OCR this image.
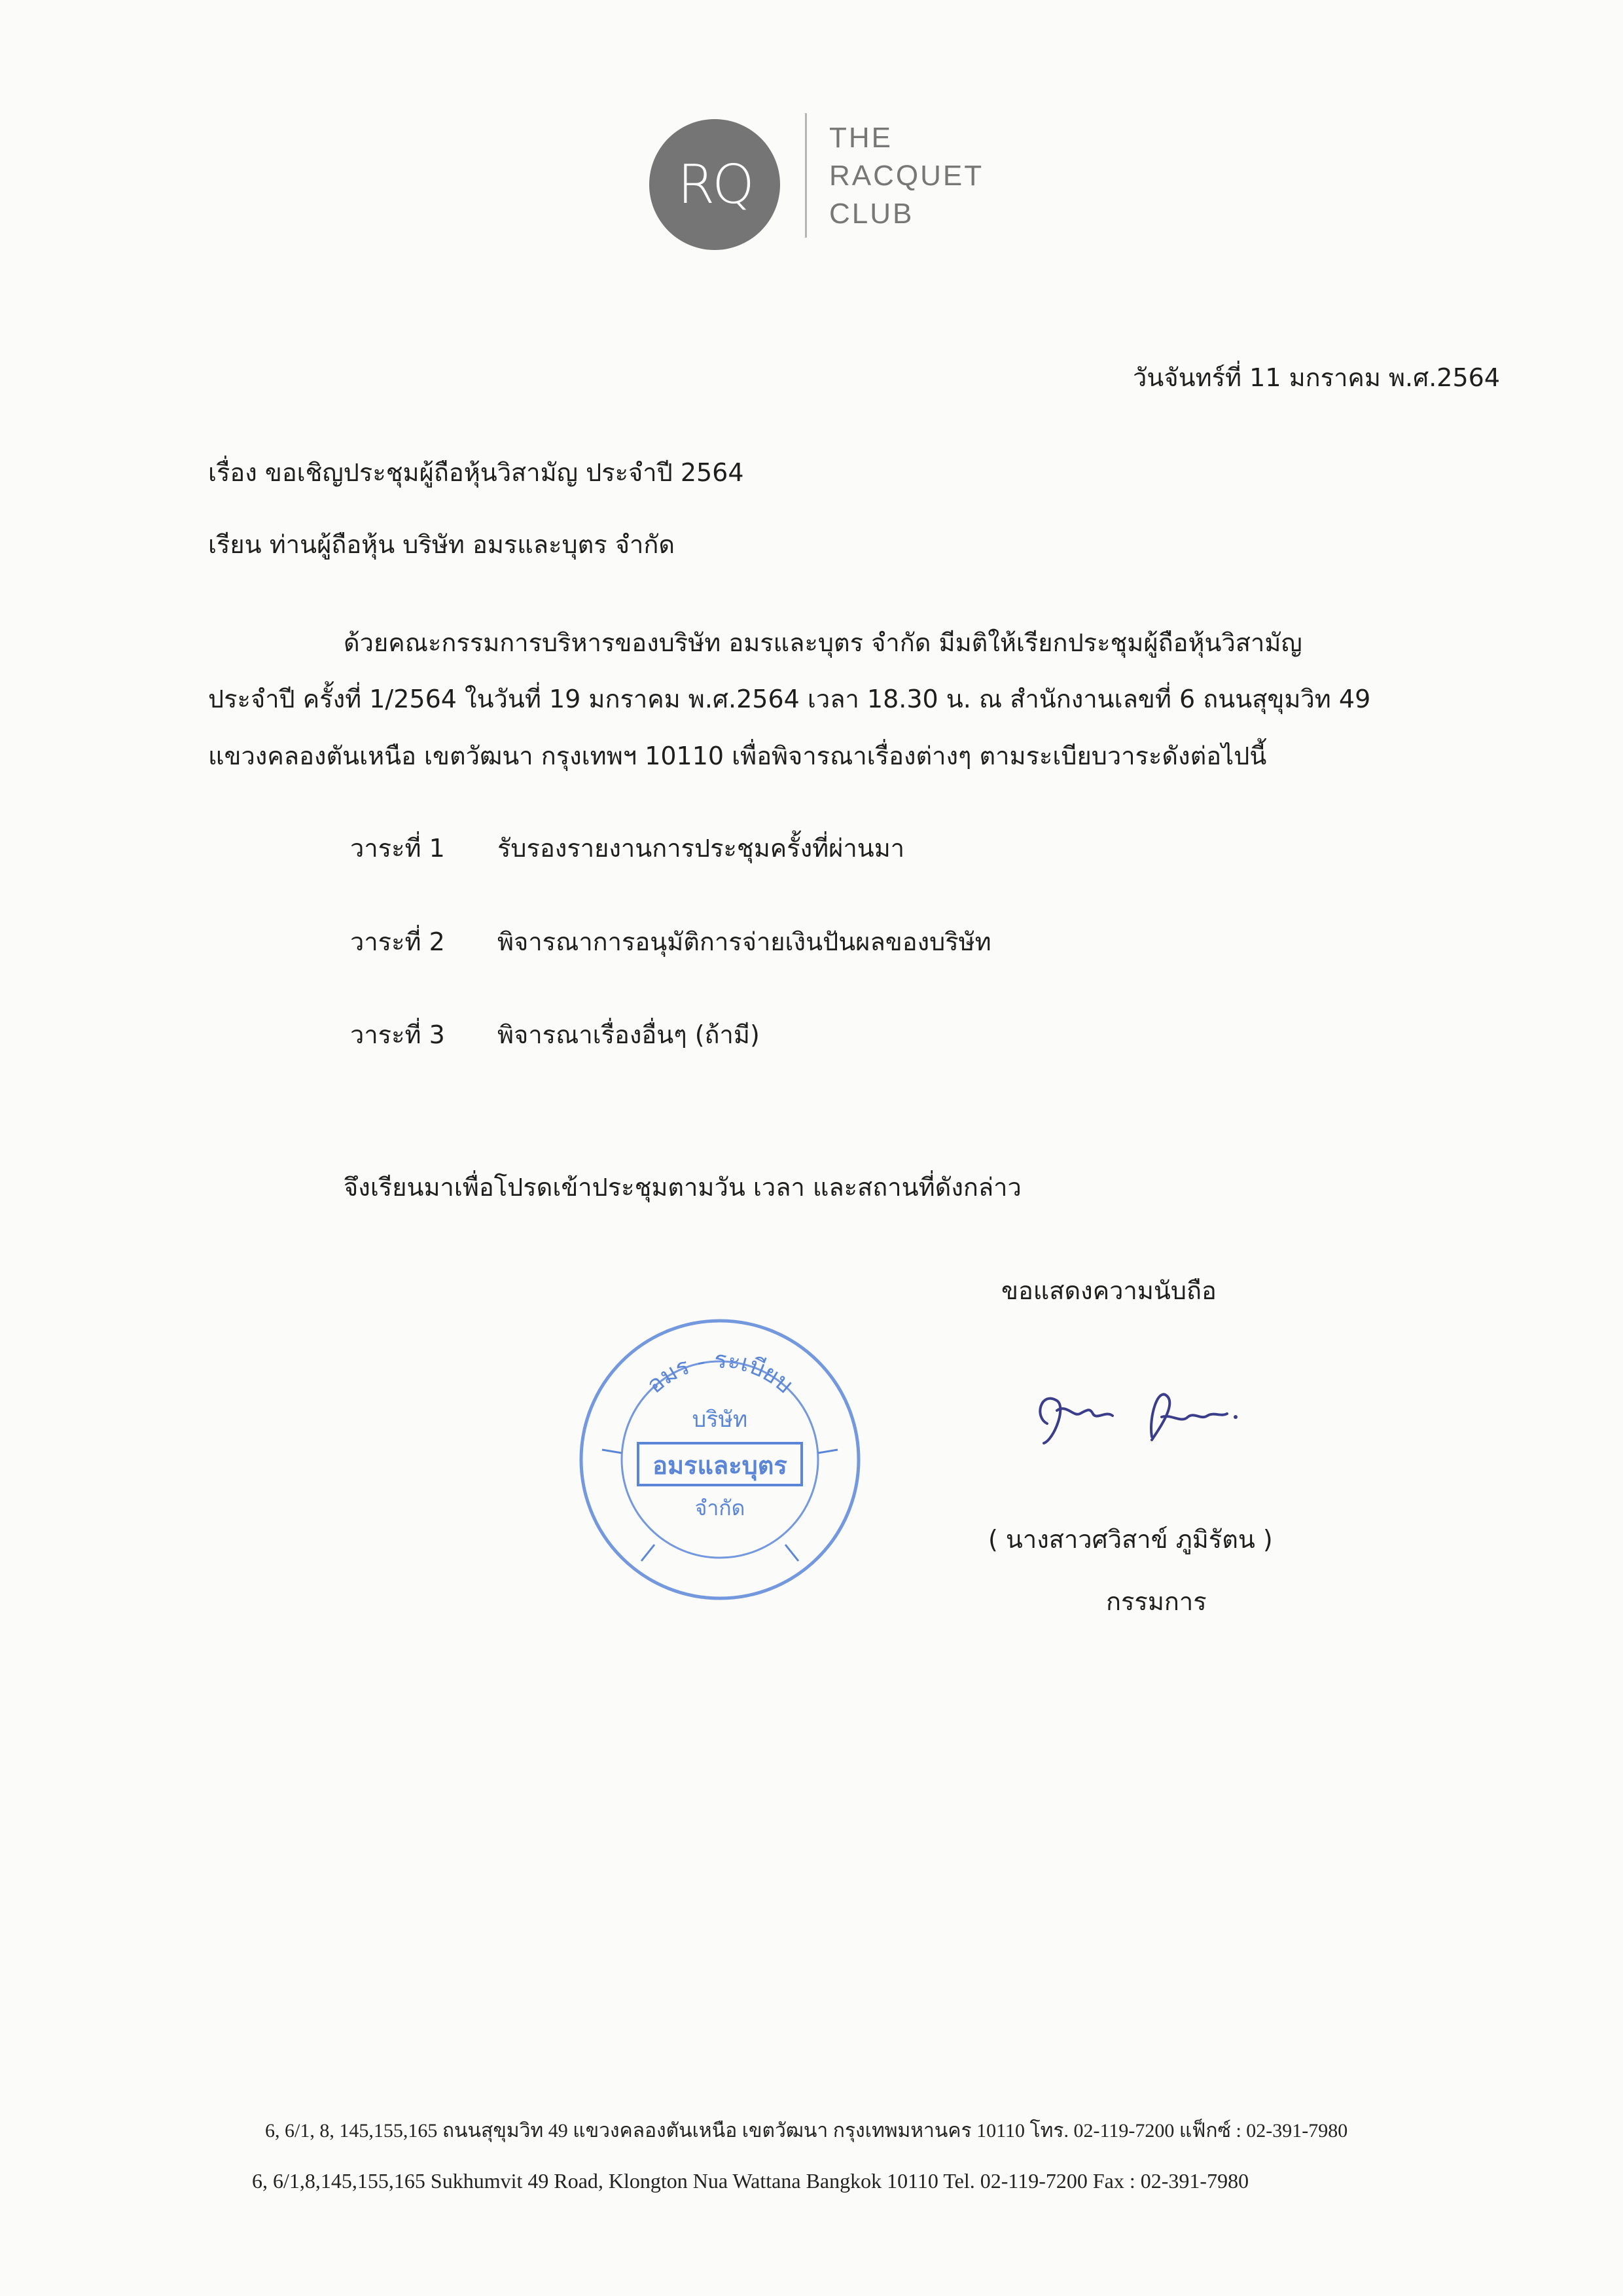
RQ
THE
RACQUET
CLUB
วันจันทร์ที่ 11 มกราคม พ.ศ.2564
เรื่อง ขอเชิญประชุมผู้ถือหุ้นวิสามัญ ประจำปี 2564
เรียน ท่านผู้ถือหุ้น บริษัท อมรและบุตร จำกัด
ด้วยคณะกรรมการบริหารของบริษัท อมรและบุตร จำกัด มีมติให้เรียกประชุมผู้ถือหุ้นวิสามัญ
ประจำปี ครั้งที่ 1/2564 ในวันที่ 19 มกราคม พ.ศ.2564 เวลา 18.30 น. ณ สำนักงานเลขที่ 6 ถนนสุขุมวิท 49
แขวงคลองตันเหนือ เขตวัฒนา กรุงเทพฯ 10110 เพื่อพิจารณาเรื่องต่างๆ ตามระเบียบวาระดังต่อไปนี้
วาระที่ 1 รับรองรายงานการประชุมครั้งที่ผ่านมา
วาระที่ 2 พิจารณาการอนุมัติการจ่ายเงินปันผลของบริษัท
วาระที่ 3 พิจารณาเรื่องอื่นๆ (ถ้ามี)
จึงเรียนมาเพื่อโปรดเข้าประชุมตามวัน เวลา และสถานที่ดังกล่าว
ขอแสดงความนับถือ
อมร - ระเบียบ
บริษัท
อมรและบุตร
จำกัด
( นางสาวศวิสาข์ ภูมิรัตน )
กรรมการ
6, 6/1, 8, 145,155,165 ถนนสุขุมวิท 49 แขวงคลองตันเหนือ เขตวัฒนา กรุงเทพมหานคร 10110 โทร. 02-119-7200 แฟ็กซ์ : 02-391-7980
6, 6/1,8,145,155,165 Sukhumvit 49 Road, Klongton Nua Wattana Bangkok 10110 Tel. 02-119-7200 Fax : 02-391-7980
